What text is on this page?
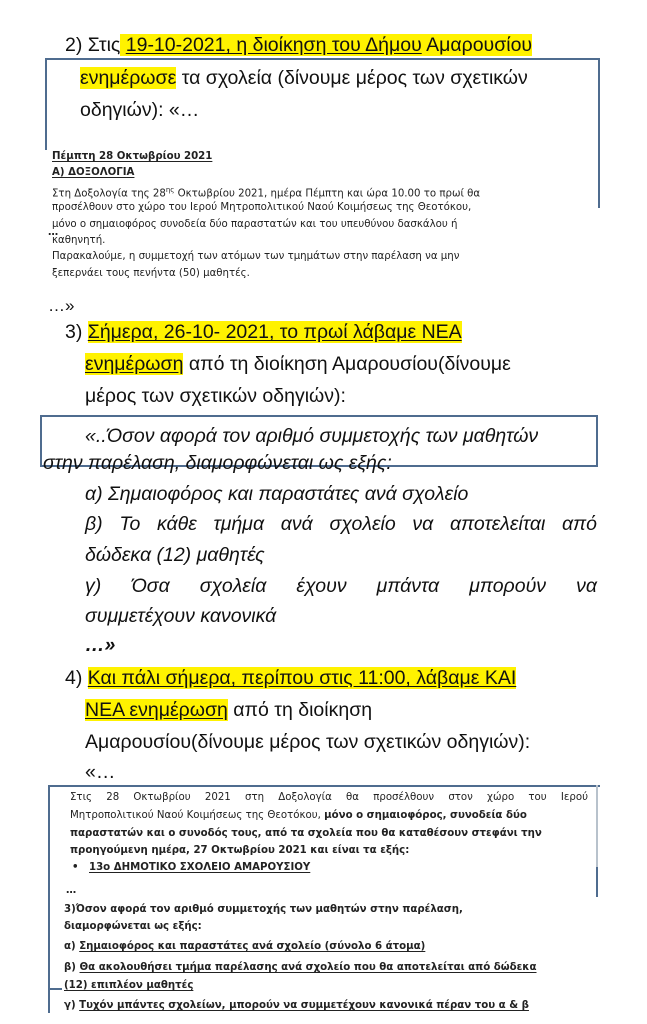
2) Στις 19-10-2021, η διοίκηση του Δήμου Αμαρουσίου
ενημέρωσε τα σχολεία (δίνουμε μέρος των σχετικών
οδηγιών): «…
Πέμπτη 28 Οκτωβρίου 2021
Α) ΔΟΞΟΛΟΓΙΑ
Στη Δοξολογία της $28^{\eta\varsigma}$ Οκτωβρίου 2021, ημέρα Πέμπτη και ώρα 10.00 το πρωί θα
προσέλθουν στο χώρο του Ιερού Μητροπολιτικού Ναού Κοιμήσεως της Θεοτόκου,
μόνο ο σημαιοφόρος συνοδεία δύο παραστατών και του υπευθύνου δασκάλου ή
…
καθηνητή.
Παρακαλούμε, η συμμετοχή των ατόμων των τμημάτων στην παρέλαση να μην
ξεπερνάει τους πενήντα (50) μαθητές.
…»
3) Σήμερα, 26-10- 2021, το πρωί λάβαμε ΝΕΑ
ενημέρωση από τη διοίκηση Αμαρουσίου(δίνουμε
μέρος των σχετικών οδηγιών):
«..Όσον αφορά τον αριθμό συμμετοχής των μαθητών
στην παρέλαση, διαμορφώνεται ως εξής:
α) Σημαιοφόρος και παραστάτες ανά σχολείο
β) Το κάθε τμήμα ανά σχολείο να αποτελείται από
δώδεκα (12) μαθητές
γ) Όσα σχολεία έχουν μπάντα μπορούν να
συμμετέχουν κανονικά
…»
4) Και πάλι σήμερα, περίπου στις 11:00, λάβαμε ΚΑΙ
ΝΕΑ ενημέρωση από τη διοίκηση
Αμαρουσίου(δίνουμε μέρος των σχετικών οδηγιών):
«…
Στις 28 Οκτωβρίου 2021 στη Δοξολογία θα προσέλθουν στον χώρο του Ιερού
Μητροπολιτικού Ναού Κοιμήσεως της Θεοτόκου, μόνο ο σημαιοφόρος, συνοδεία δύο
παραστατών και ο συνοδός τους, από τα σχολεία που θα καταθέσουν στεφάνι την
προηγούμενη ημέρα, 27 Οκτωβρίου 2021 και είναι τα εξής:
• 13ο ΔΗΜΟΤΙΚΟ ΣΧΟΛΕΙΟ ΑΜΑΡΟΥΣΙΟΥ
…
3)Όσον αφορά τον αριθμό συμμετοχής των μαθητών στην παρέλαση,
διαμορφώνεται ως εξής:
α) Σημαιοφόρος και παραστάτες ανά σχολείο (σύνολο 6 άτομα)
β) Θα ακολουθήσει τμήμα παρέλασης ανά σχολείο που θα αποτελείται από δώδεκα
(12) επιπλέον μαθητές
γ) Τυχόν μπάντες σχολείων, μπορούν να συμμετέχουν κανονικά πέραν του α & β
